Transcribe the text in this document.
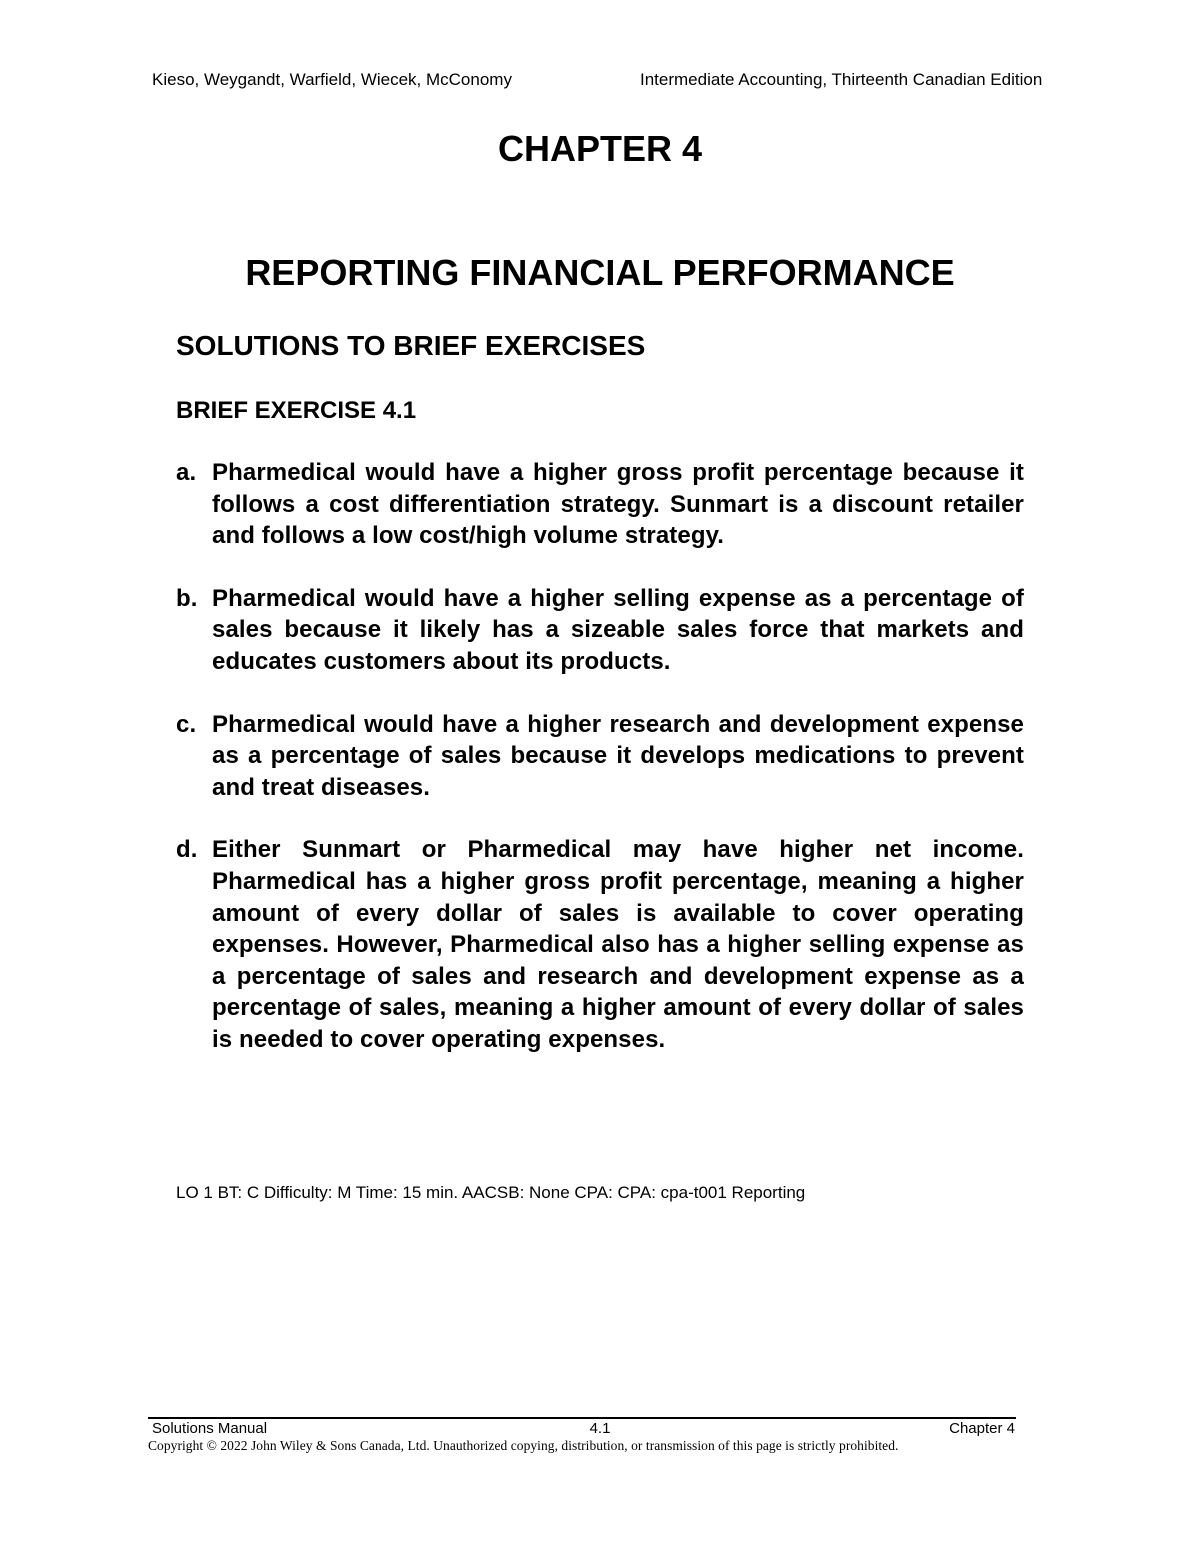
Kieso, Weygandt, Warfield, Wiecek, McConomy	Intermediate Accounting, Thirteenth Canadian Edition
CHAPTER 4
REPORTING FINANCIAL PERFORMANCE
SOLUTIONS TO BRIEF EXERCISES
BRIEF EXERCISE 4.1
a. Pharmedical would have a higher gross profit percentage because it follows a cost differentiation strategy. Sunmart is a discount retailer and follows a low cost/high volume strategy.
b. Pharmedical would have a higher selling expense as a percentage of sales because it likely has a sizeable sales force that markets and educates customers about its products.
c. Pharmedical would have a higher research and development expense as a percentage of sales because it develops medications to prevent and treat diseases.
d. Either Sunmart or Pharmedical may have higher net income. Pharmedical has a higher gross profit percentage, meaning a higher amount of every dollar of sales is available to cover operating expenses. However, Pharmedical also has a higher selling expense as a percentage of sales and research and development expense as a percentage of sales, meaning a higher amount of every dollar of sales is needed to cover operating expenses.
LO 1 BT: C Difficulty: M Time: 15 min. AACSB: None CPA: CPA: cpa-t001 Reporting
Solutions Manual	4.1	Chapter 4
Copyright © 2022 John Wiley & Sons Canada, Ltd. Unauthorized copying, distribution, or transmission of this page is strictly prohibited.
